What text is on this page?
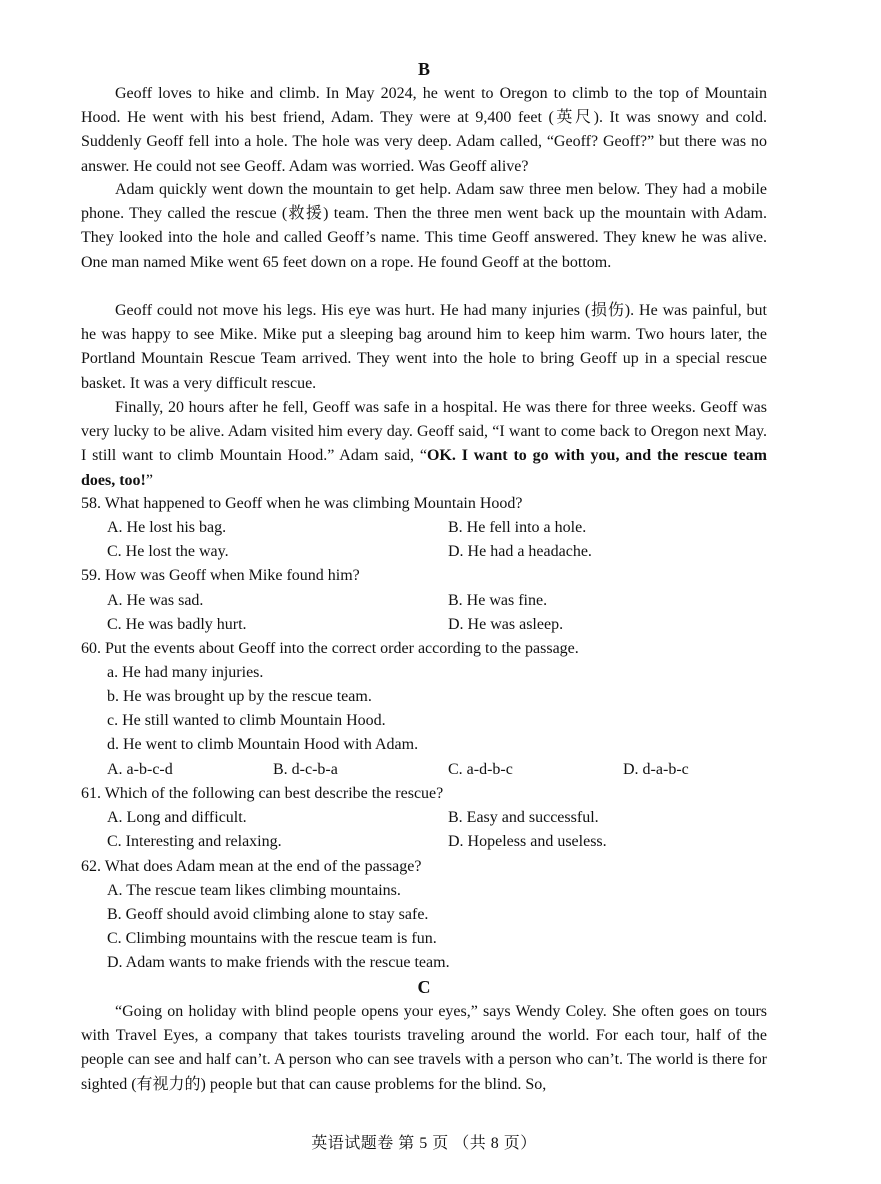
B

Geoff loves to hike and climb. In May 2024, he went to Oregon to climb to the top of Mountain Hood. He went with his best friend, Adam. They were at 9,400 feet (英尺). It was snowy and cold. Suddenly Geoff fell into a hole. The hole was very deep. Adam called, “Geoff? Geoff?” but there was no answer. He could not see Geoff. Adam was worried. Was Geoff alive?

Adam quickly went down the mountain to get help. Adam saw three men below. They had a mobile phone. They called the rescue (救援) team. Then the three men went back up the mountain with Adam. They looked into the hole and called Geoff’s name. This time Geoff answered. They knew he was alive. One man named Mike went 65 feet down on a rope. He found Geoff at the bottom.

Geoff could not move his legs. His eye was hurt. He had many injuries (损伤). He was painful, but he was happy to see Mike. Mike put a sleeping bag around him to keep him warm. Two hours later, the Portland Mountain Rescue Team arrived. They went into the hole to bring Geoff up in a special rescue basket. It was a very difficult rescue.

Finally, 20 hours after he fell, Geoff was safe in a hospital. He was there for three weeks. Geoff was very lucky to be alive. Adam visited him every day. Geoff said, “I want to come back to Oregon next May. I still want to climb Mountain Hood.” Adam said, “OK. I want to go with you, and the rescue team does, too!”

58. What happened to Geoff when he was climbing Mountain Hood?
A. He lost his bag.	B. He fell into a hole.
C. He lost the way.	D. He had a headache.
59. How was Geoff when Mike found him?
A. He was sad.	B. He was fine.
C. He was badly hurt.	D. He was asleep.
60. Put the events about Geoff into the correct order according to the passage.
a. He had many injuries.
b. He was brought up by the rescue team.
c. He still wanted to climb Mountain Hood.
d. He went to climb Mountain Hood with Adam.
A. a-b-c-d	B. d-c-b-a	C. a-d-b-c	D. d-a-b-c
61. Which of the following can best describe the rescue?
A. Long and difficult.	B. Easy and successful.
C. Interesting and relaxing.	D. Hopeless and useless.
62. What does Adam mean at the end of the passage?
A. The rescue team likes climbing mountains.
B. Geoff should avoid climbing alone to stay safe.
C. Climbing mountains with the rescue team is fun.
D. Adam wants to make friends with the rescue team.
C

“Going on holiday with blind people opens your eyes,” says Wendy Coley. She often goes on tours with Travel Eyes, a company that takes tourists traveling around the world. For each tour, half of the people can see and half can’t. A person who can see travels with a person who can’t. The world is there for sighted (有视力的) people but that can cause problems for the blind. So,

英语试题卷 第 5 页 （共 8 页）
